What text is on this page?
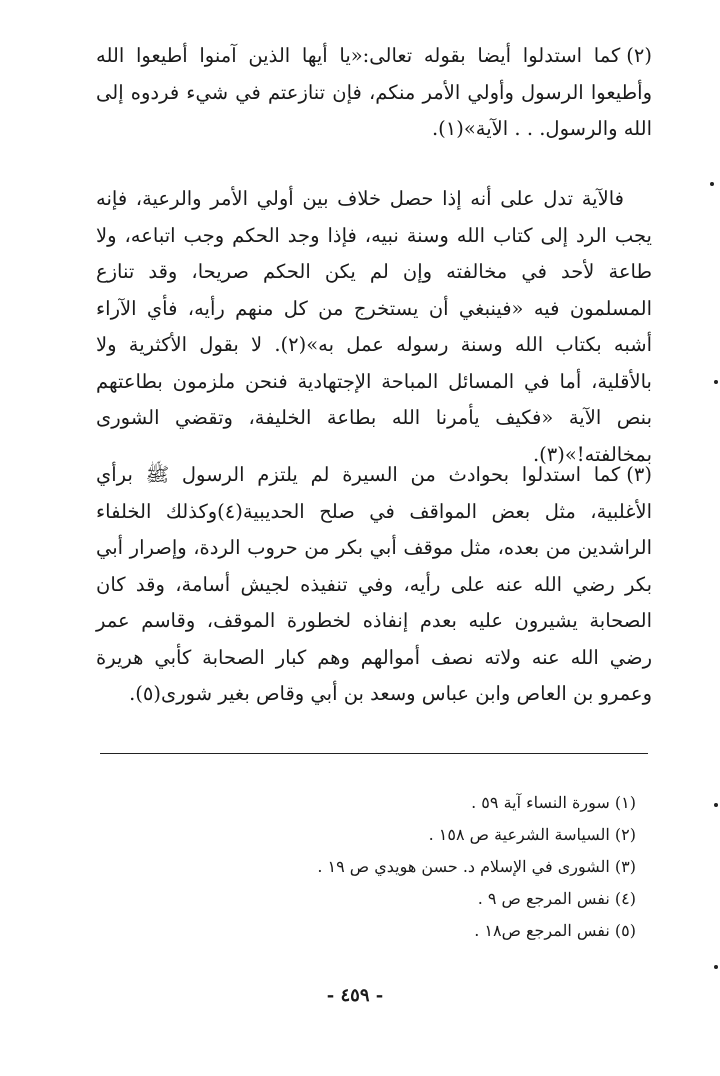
(٢)كما استدلوا أيضا بقوله تعالى:«يا أيها الذين آمنوا أطيعوا الله وأطيعوا الرسول وأولي الأمر منكم، فإن تنازعتم في شيء فردوه إلى الله والرسول. . . الآية»(١).

فالآية تدل على أنه إذا حصل خلاف بين أولي الأمر والرعية، فإنه يجب الرد إلى كتاب الله وسنة نبيه، فإذا وجد الحكم وجب اتباعه، ولا طاعة لأحد في مخالفته وإن لم يكن الحكم صريحا، وقد تنازع المسلمون فيه «فينبغي أن يستخرج من كل منهم رأيه، فأي الآراء أشبه بكتاب الله وسنة رسوله عمل به»(٢). لا بقول الأكثرية ولا بالأقلية، أما في المسائل المباحة الإجتهادية فنحن ملزمون بطاعتهم بنص الآية «فكيف يأمرنا الله بطاعة الخليفة، وتقضي الشورى بمخالفته!»(٣).

(٣)كما استدلوا بحوادث من السيرة لم يلتزم الرسول ﷺ برأي الأغلبية، مثل بعض المواقف في صلح الحديبية(٤)وكذلك الخلفاء الراشدين من بعده، مثل موقف أبي بكر من حروب الردة، وإصرار أبي بكر رضي الله عنه على رأيه، وفي تنفيذه لجيش أسامة، وقد كان الصحابة يشيرون عليه بعدم إنفاذه لخطورة الموقف، وقاسم عمر رضي الله عنه ولاته نصف أموالهم وهم كبار الصحابة كأبي هريرة وعمرو بن العاص وابن عباس وسعد بن أبي وقاص بغير شورى(٥).

(١) سورة النساء آية ٥٩ .
(٢) السياسة الشرعية ص ١٥٨ .
(٣) الشورى في الإسلام د. حسن هويدي ص ١٩ .
(٤) نفس المرجع ص ٩ .
(٥) نفس المرجع ص١٨ .
- ٤٥٩ -
